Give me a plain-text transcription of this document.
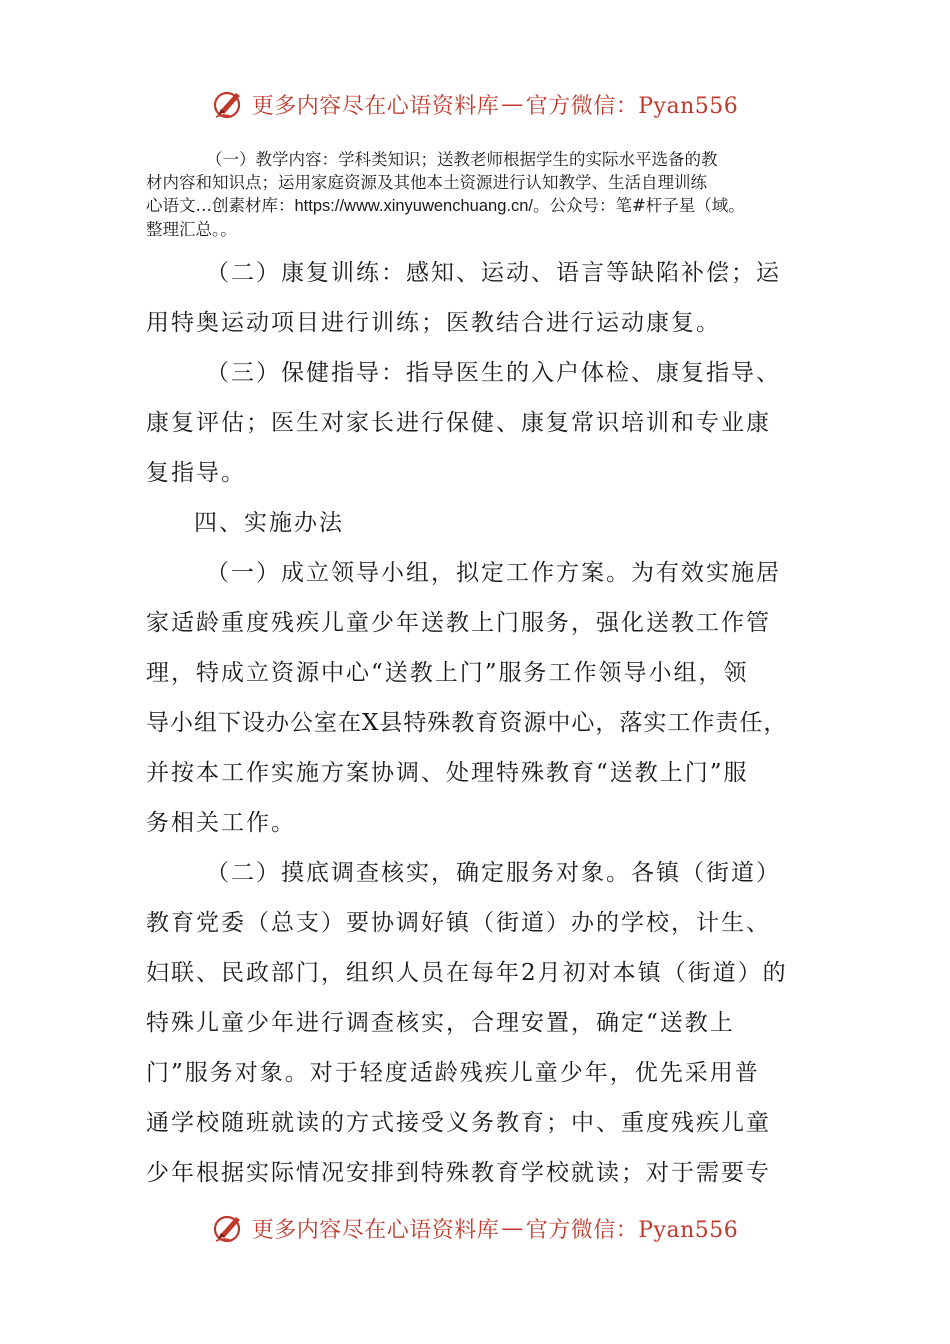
更多内容尽在心语资料库 — 官方微信：Pyan556
（一）教学内容：学科类知识；送教老师根据学生的实际水平选备的教
材内容和知识点；运用家庭资源及其他本土资源进行认知教学、生活自理训练
心语文…创素材库：https://www.xinyuwenchuang.cn/。公众号：笔#杆子星（域。
整理汇总。。
（二）康复训练：感知、运动、语言等缺陷补偿；运
用特奥运动项目进行训练；医教结合进行运动康复。
（三）保健指导：指导医生的入户体检、康复指导、
康复评估；医生对家长进行保健、康复常识培训和专业康
复指导。
四、实施办法
（一）成立领导小组，拟定工作方案。为有效实施居
家适龄重度残疾儿童少年送教上门服务，强化送教工作管
理，特成立资源中心“送教上门”服务工作领导小组，领
导小组下设办公室在X县特殊教育资源中心，落实工作责任，
并按本工作实施方案协调、处理特殊教育“送教上门”服
务相关工作。
（二）摸底调查核实，确定服务对象。各镇（街道）
教育党委（总支）要协调好镇（街道）办的学校，计生、
妇联、民政部门，组织人员在每年2月初对本镇（街道）的
特殊儿童少年进行调查核实，合理安置，确定“送教上
门”服务对象。对于轻度适龄残疾儿童少年，优先采用普
通学校随班就读的方式接受义务教育；中、重度残疾儿童
少年根据实际情况安排到特殊教育学校就读；对于需要专
更多内容尽在心语资料库 — 官方微信：Pyan556
